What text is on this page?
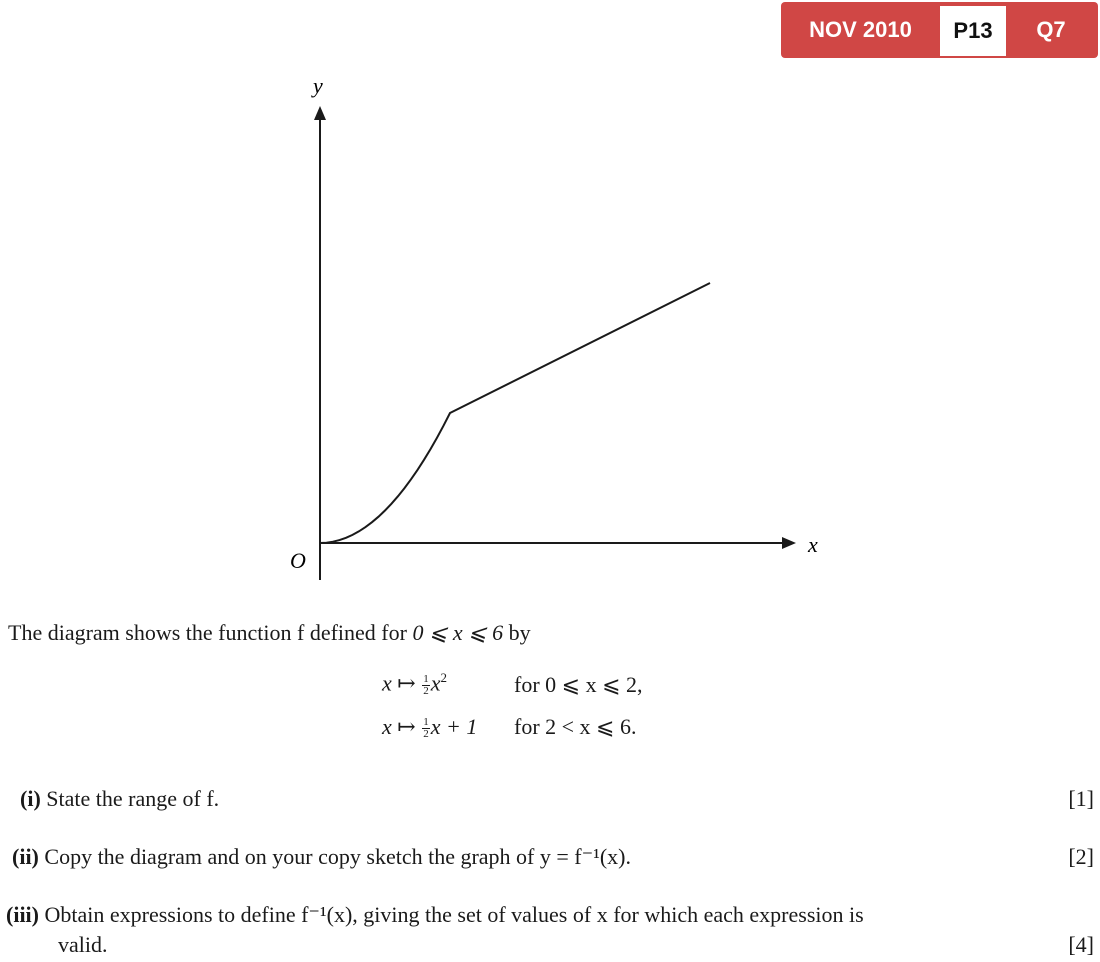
NOV 2010	P13	Q7
y
x
O
The diagram shows the function f defined for 0 ⩽ x ⩽ 6 by
x ↦ $\frac{1}{2} x^2$	for 0 ⩽ x ⩽ 2,
x ↦ $\frac{1}{2}$ x + 1 for 2 < x ⩽ 6.
(i) State the range of f.	[1]
(ii) Copy the diagram and on your copy sketch the graph of y = f⁻¹(x).	[2]
(iii) Obtain expressions to define f⁻¹(x), giving the set of values of x for which each expression is
valid.	[4]
